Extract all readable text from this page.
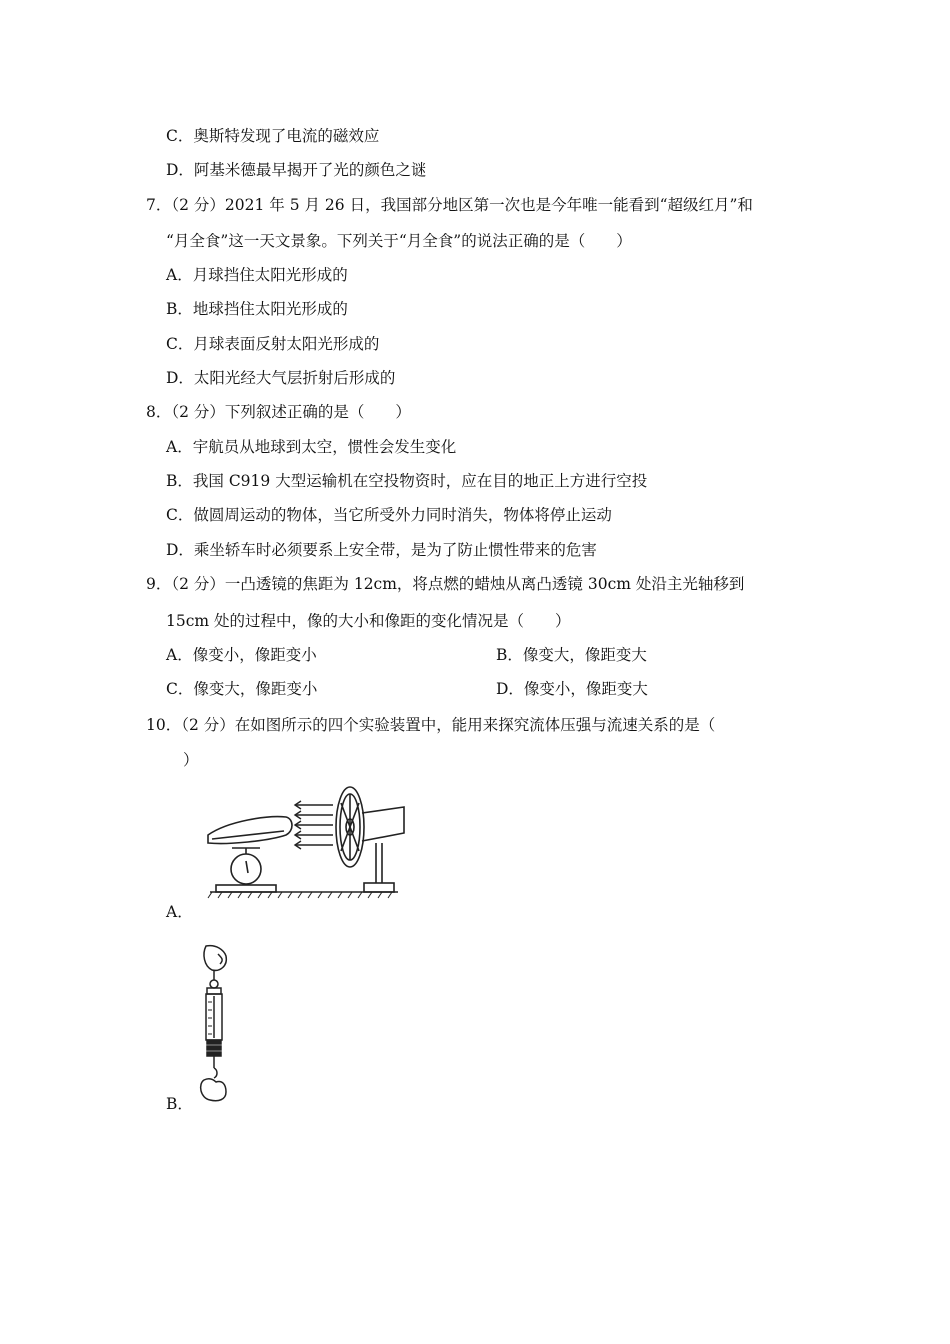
C．奥斯特发现了电流的磁效应
D．阿基米德最早揭开了光的颜色之谜
7．（2 分）2021 年 5 月 26 日，我国部分地区第一次也是今年唯一能看到“超级红月”和
“月全食”这一天文景象。下列关于“月全食”的说法正确的是（　　）
A．月球挡住太阳光形成的
B．地球挡住太阳光形成的
C．月球表面反射太阳光形成的
D．太阳光经大气层折射后形成的
8．（2 分）下列叙述正确的是（　　）
A．宇航员从地球到太空，惯性会发生变化
B．我国 C919 大型运输机在空投物资时，应在目的地正上方进行空投
C．做圆周运动的物体，当它所受外力同时消失，物体将停止运动
D．乘坐轿车时必须要系上安全带，是为了防止惯性带来的危害
9．（2 分）一凸透镜的焦距为 12cm，将点燃的蜡烛从离凸透镜 30cm 处沿主光轴移到
15cm 处的过程中，像的大小和像距的变化情况是（　　）
A．像变小，像距变小	B．像变大，像距变大
C．像变大，像距变小	D．像变小，像距变大
10．（2 分）在如图所示的四个实验装置中，能用来探究流体压强与流速关系的是（
）
A．
B．
